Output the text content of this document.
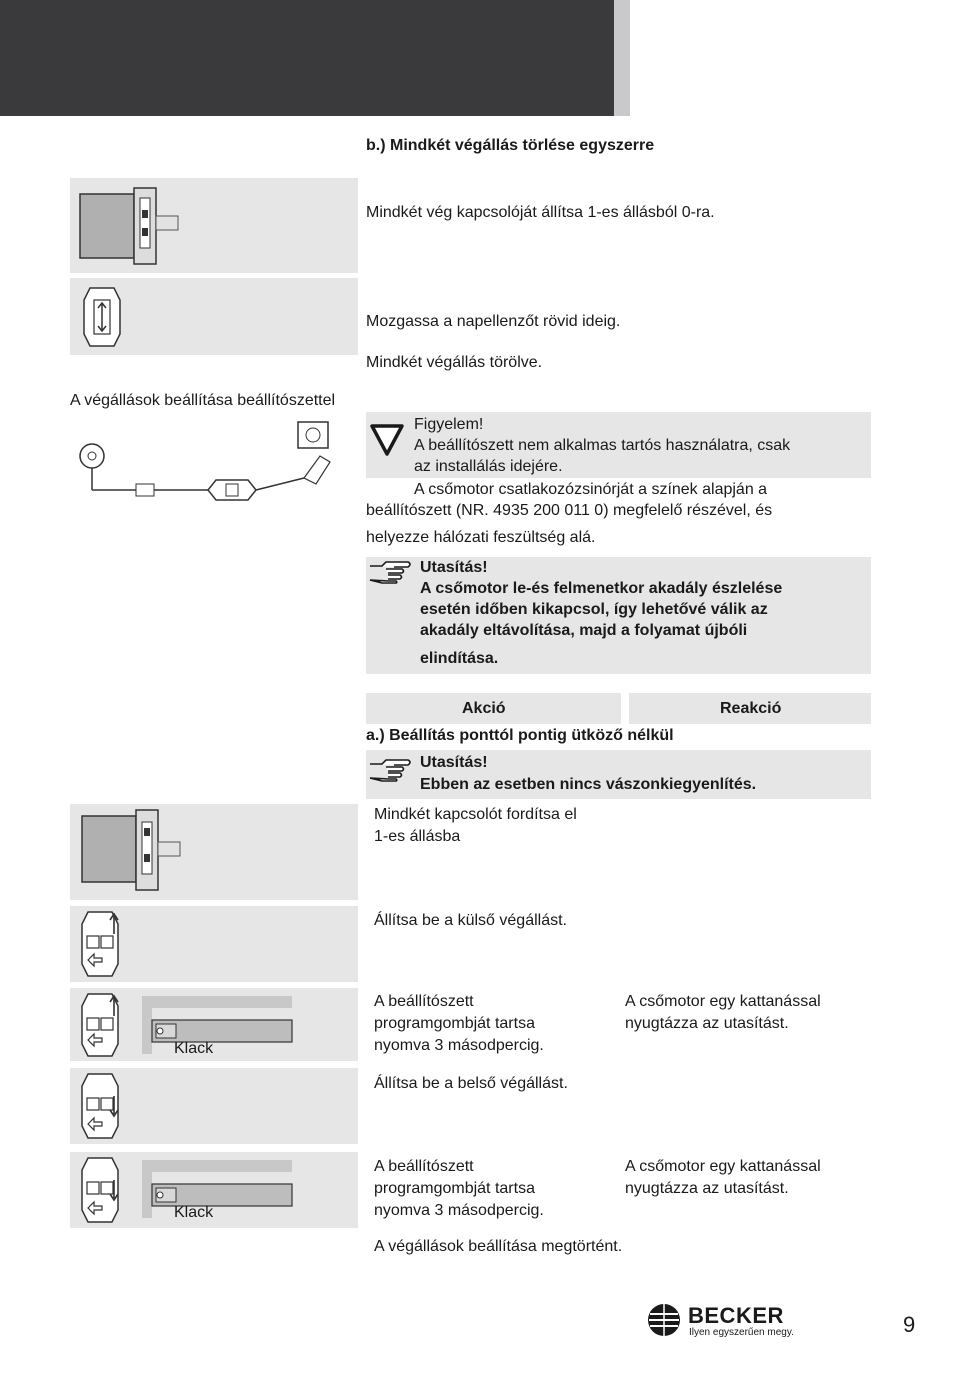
b.) Mindkét végállás törlése egyszerre
Mindkét vég kapcsolóját állítsa 1-es állásból 0-ra.
Mozgassa a napellenzőt rövid ideig.
Mindkét végállás törölve.
A végállások beállítása beállítószettel
Figyelem!
A beállítószett nem alkalmas tartós használatra, csak
az installálás idejére.
A csőmotor csatlakozózsinórját a színek alapján a
beállítószett (NR. 4935 200 011 0) megfelelő részével, és
helyezze hálózati feszültség alá.
Utasítás!
A csőmotor le-és felmenetkor akadály észlelése
esetén időben kikapcsol, így lehetővé válik az
akadály eltávolítása, majd a folyamat újbóli
elindítása.
Akció	Reakció
a.) Beállítás ponttól pontig ütköző nélkül
Utasítás!
Ebben az esetben nincs vászonkiegyenlítés.
Mindkét kapcsolót fordítsa el
1-es állásba
Állítsa be a külső végállást.
Klack
A beállítószett
programgombját tartsa
nyomva 3 másodpercig.
A csőmotor egy kattanással
nyugtázza az utasítást.
Állítsa be a belső végállást.
Klack
A beállítószett
programgombját tartsa
nyomva 3 másodpercig.
A csőmotor egy kattanással
nyugtázza az utasítást.
A végállások beállítása megtörtént.
BECKER
Ilyen egyszerűen megy.	9
